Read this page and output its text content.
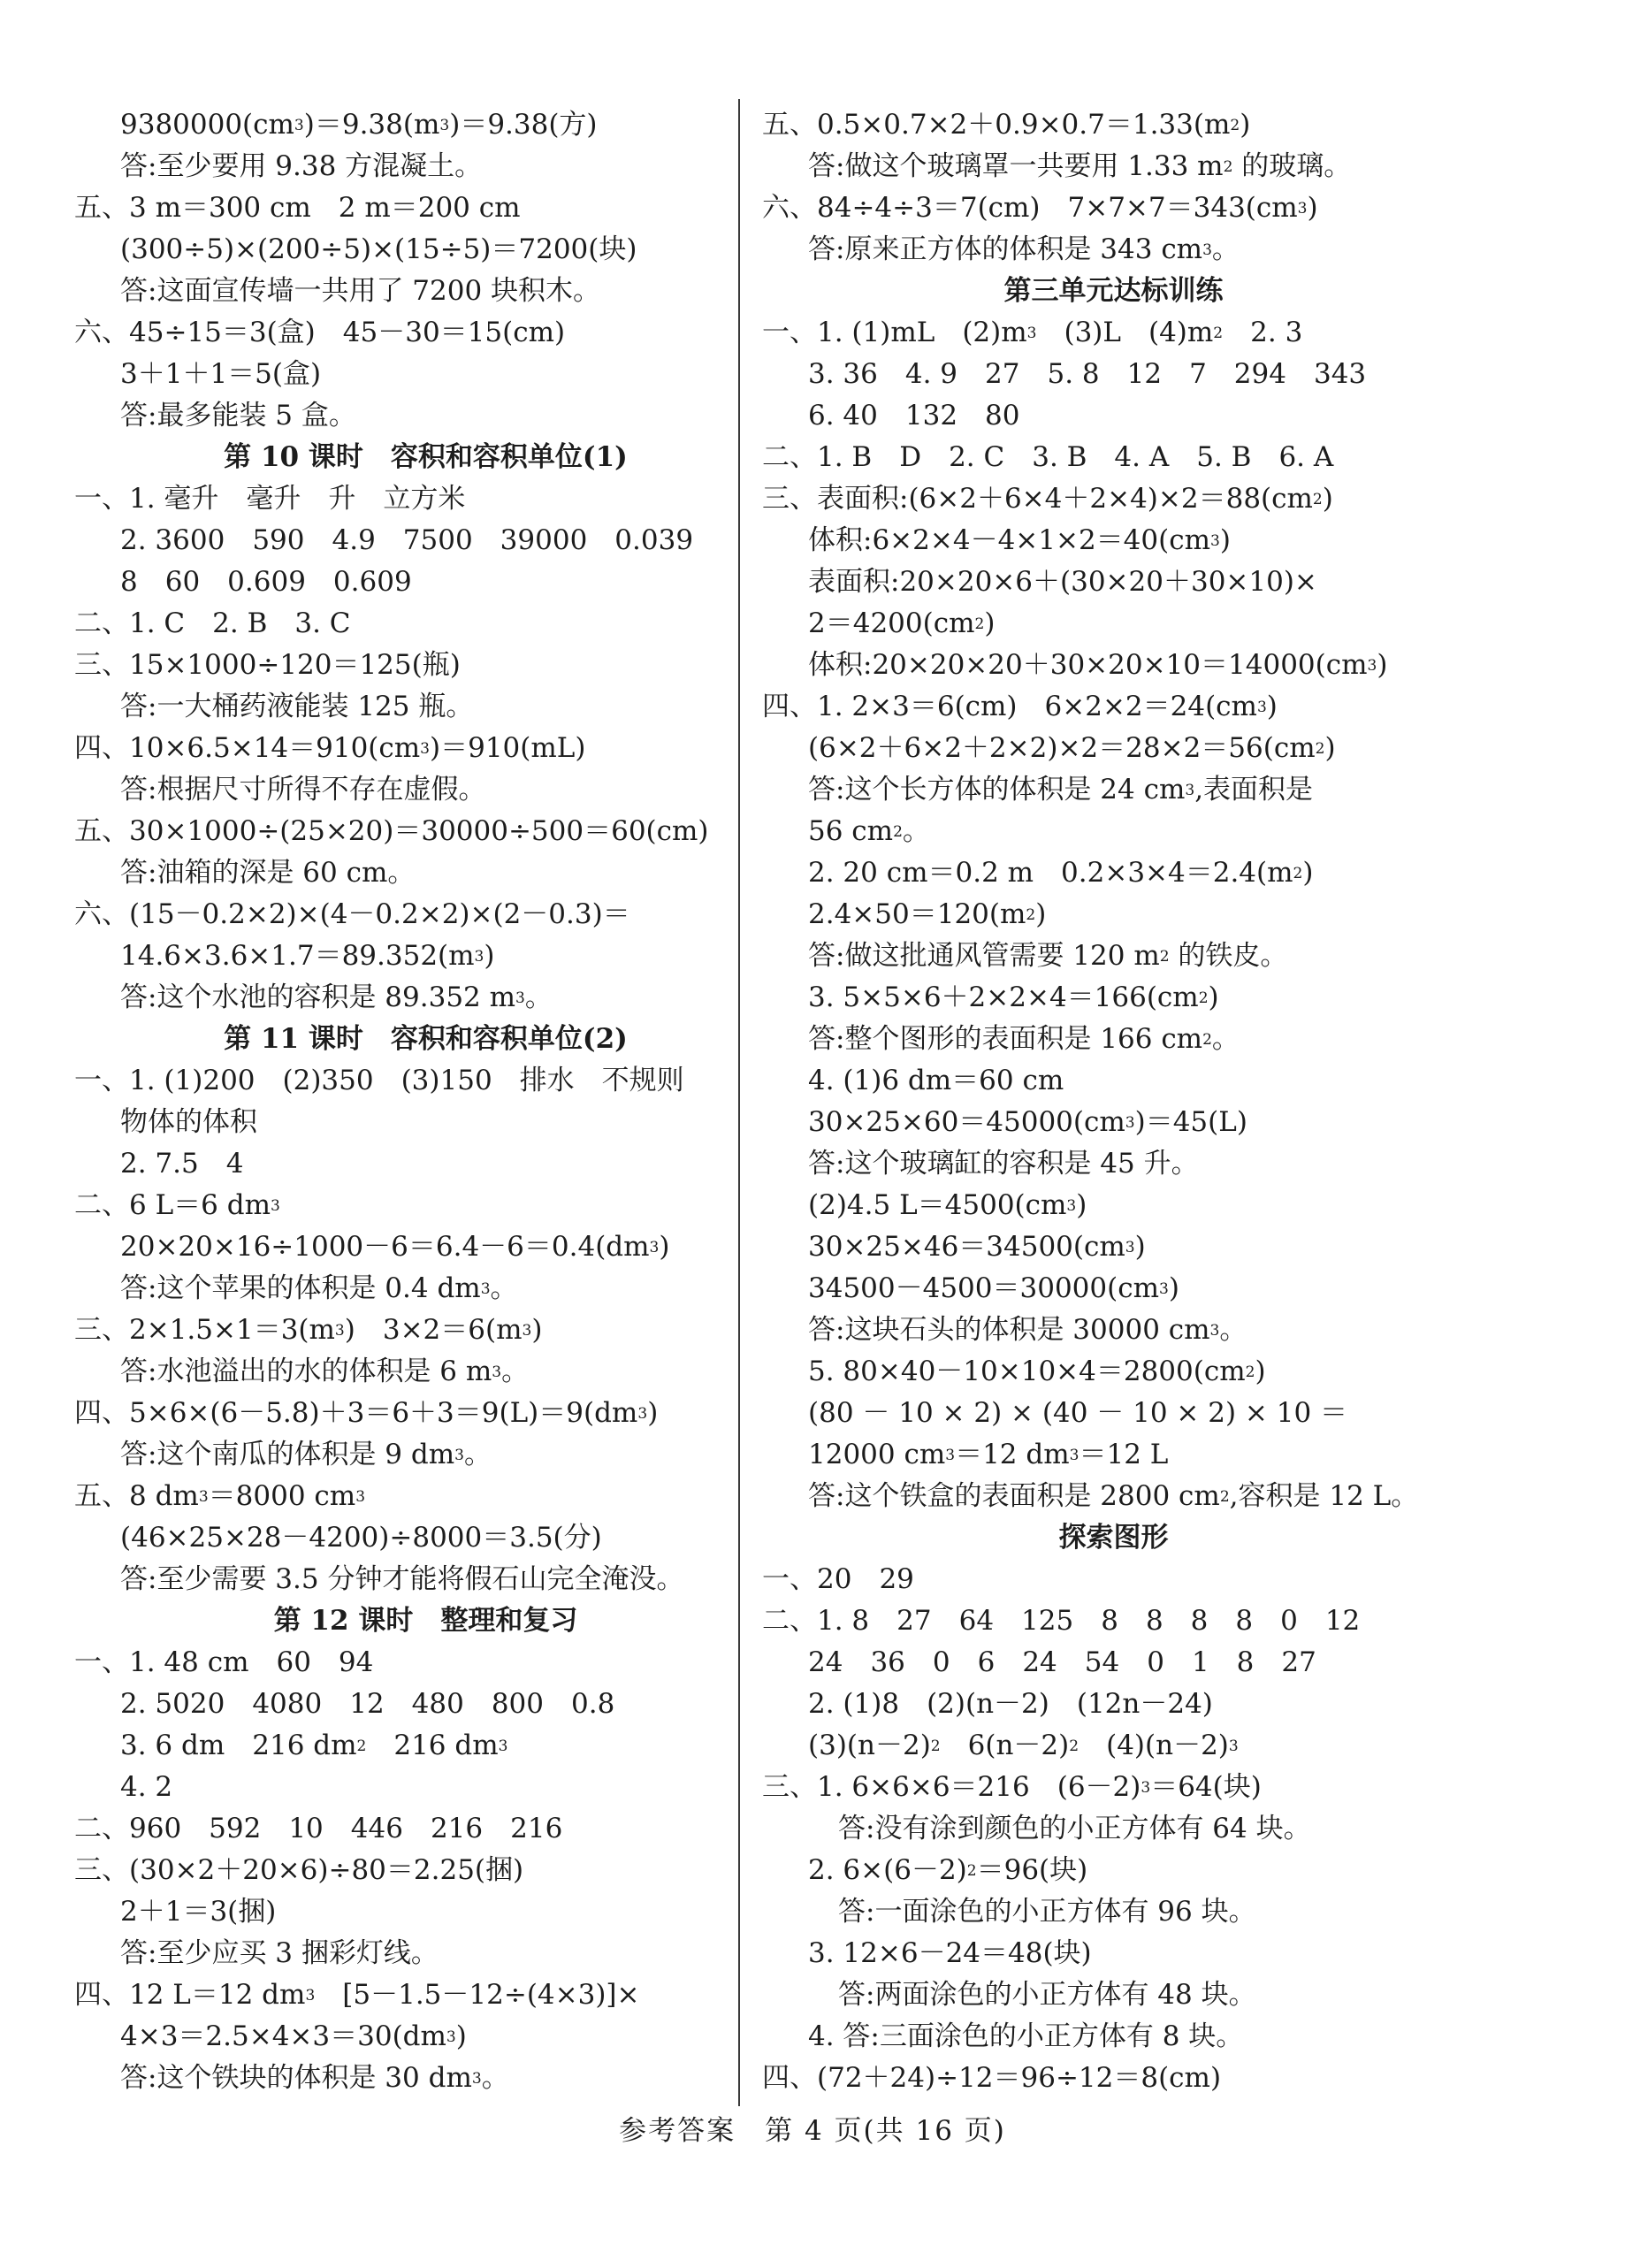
$9380000(cm^3)=9.38(m^3)=9.38$(方)
答:至少要用 9.38 方混凝土。
五、3 m＝300 cm　2 m＝200 cm
(300÷5)×(200÷5)×(15÷5)＝7200(块)
答:这面宣传墙一共用了 7200 块积木。
六、45÷15＝3(盒)　45－30＝15(cm)
3＋1＋1＝5(盒)
答:最多能装 5 盒。
第 10 课时　容积和容积单位(1)
一、1. 毫升　毫升　升　立方米
2. 3600　590　4.9　7500　39000　0.039
8　60　0.609　0.609
二、1. C　2. B　3. C
三、15×1000÷120＝125(瓶)
答:一大桶药液能装 125 瓶。
四、$10\times 6.5\times 14=910(cm^3)=910(mL)$
答:根据尺寸所得不存在虚假。
五、30×1000÷(25×20)＝30000÷500＝60(cm)
答:油箱的深是 60 cm。
六、(15－0.2×2)×(4－0.2×2)×(2－0.3)＝
$14.6\times 3.6\times 1.7=89.352(m^3)$
答:这个水池的容积是 89.352 $m^3$。
第 11 课时　容积和容积单位(2)
一、1. (1)200　(2)350　(3)150　排水　不规则
物体的体积
2. 7.5　4
二、6 L＝6 $dm^3$
$20\times 20\times 16\div 1000-6=6.4-6=0.4(dm^3)$
答:这个苹果的体积是 0.4 $dm^3$。
三、$2\times 1.5\times 1=3(m^3)$　$3\times 2=6(m^3)$
答:水池溢出的水的体积是 6 $m^3$。
四、$5\times 6\times(6-5.8)+3=6+3=9(L)=9(dm^3)$
答:这个南瓜的体积是 9 $dm^3$。
五、8 $dm^3=8000$ $cm^3$
(46×25×28－4200)÷8000＝3.5(分)
答:至少需要 3.5 分钟才能将假石山完全淹没。
第 12 课时　整理和复习
一、1. 48 cm　60　94
2. 5020　4080　12　480　800　0.8
3. 6 dm　216 $dm^2$　216 $dm^3$
4. 2
二、960　592　10　446　216　216
三、(30×2＋20×6)÷80＝2.25(捆)
2＋1＝3(捆)
答:至少应买 3 捆彩灯线。
四、12 L＝12 $dm^3$　[5－1.5－12÷(4×3)]×
$4\times 3=2.5\times 4\times 3=30(dm^3)$
答:这个铁块的体积是 30 $dm^3$。
五、$0.5\times 0.7\times 2+0.9\times 0.7=1.33(m^2)$
答:做这个玻璃罩一共要用 1.33 $m^2$ 的玻璃。
六、84÷4÷3＝7(cm)　$7\times 7\times 7=343(cm^3)$
答:原来正方体的体积是 343 $cm^3$。
第三单元达标训练
一、1. (1)mL　$(2)m^3$　(3)L　$(4)m^2$　2. 3
3. 36　4. 9　27　5. 8　12　7　294　343
6. 40　132　80
二、1. B　D　2. C　3. B　4. A　5. B　6. A
三、表面积$:(6\times 2+6\times 4+2\times 4)\times 2=88(cm^2)$
体积$:6\times 2\times 4-4\times 1\times 2=40(cm^3)$
表面积:20×20×6＋(30×20＋30×10)×
$2=4200(cm^2)$
体积$:20\times 20\times 20+30\times 20\times 10=14000(cm^3)$
四、1. 2×3＝6(cm)　$6\times 2\times 2=24(cm^3)$
$(6\times 2+6\times 2+2\times 2)\times 2=28\times 2=56(cm^2)$
答:这个长方体的体积是 24 $cm^3$,表面积是
56 $cm^2$。
2. 20 cm＝0.2 m　$0.2\times 3\times 4=2.4(m^2)$
$2.4\times 50=120(m^2)$
答:做这批通风管需要 120 $m^2$ 的铁皮。
3. $5\times 5\times 6+2\times 2\times 4=166(cm^2)$
答:整个图形的表面积是 166 $cm^2$。
4. (1)6 dm＝60 cm
$30\times 25\times 60=45000(cm^3)=45(L)$
答:这个玻璃缸的容积是 45 升。
(2)4.5 $L=4500(cm^3)$
$30\times 25\times 46=34500(cm^3)$
$34500-4500=30000(cm^3)$
答:这块石头的体积是 30000 $cm^3$。
5. $80\times 40-10\times 10\times 4=2800(cm^2)$
(80 － 10 × 2) × (40 － 10 × 2) × 10 ＝
12000 $cm^3=12$ $dm^3=12$ L
答:这个铁盒的表面积是 2800 $cm^2$,容积是 12 L。
探索图形
一、20　29
二、1. 8　27　64　125　8　8　8　8　0　12
24　36　0　6　24　54　0　1　8　27
2. (1)8　(2)(n－2)　(12n－24)
$(3)(n-2)^2$　$6(n-2)^2$　$(4)(n-2)^3$
三、1. 6×6×6＝216　$(6-2)^3=64$(块)
答:没有涂到颜色的小正方体有 64 块。
2. $6\times(6-2)^2=96$(块)
答:一面涂色的小正方体有 96 块。
3. 12×6－24＝48(块)
答:两面涂色的小正方体有 48 块。
4. 答:三面涂色的小正方体有 8 块。
四、(72＋24)÷12＝96÷12＝8(cm)
参考答案　第 4 页(共 16 页)
